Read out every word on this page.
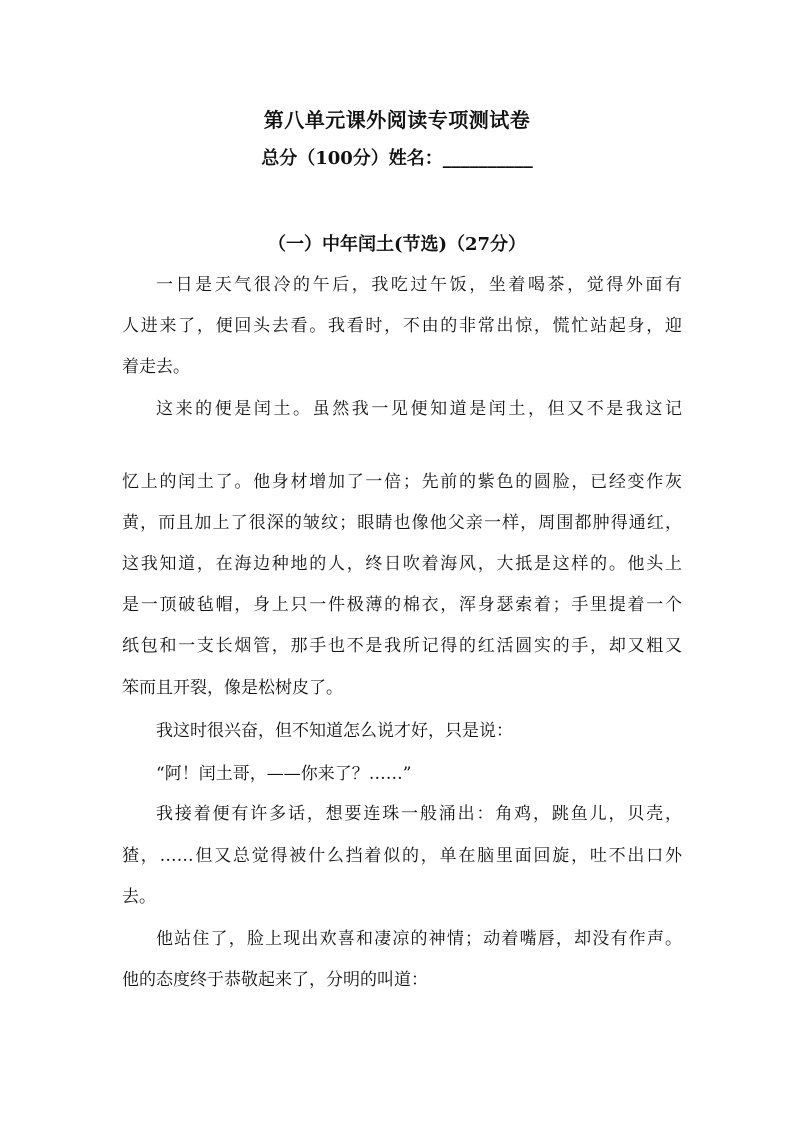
第八单元课外阅读专项测试卷
总分（100分）姓名：__________
（一）中年闰土(节选)（27分）
一日是天气很冷的午后，我吃过午饭，坐着喝茶，觉得外面有
人进来了，便回头去看。我看时，不由的非常出惊，慌忙站起身，迎
着走去。
这来的便是闰土。虽然我一见便知道是闰土，但又不是我这记
忆上的闰土了。他身材增加了一倍；先前的紫色的圆脸，已经变作灰
黄，而且加上了很深的皱纹；眼睛也像他父亲一样，周围都肿得通红，
这我知道，在海边种地的人，终日吹着海风，大抵是这样的。他头上
是一顶破毡帽，身上只一件极薄的棉衣，浑身瑟索着；手里提着一个
纸包和一支长烟管，那手也不是我所记得的红活圆实的手，却又粗又
笨而且开裂，像是松树皮了。
我这时很兴奋，但不知道怎么说才好，只是说：
“阿！闰土哥，——你来了？……”
我接着便有许多话，想要连珠一般涌出：角鸡，跳鱼儿，贝壳，
猹，……但又总觉得被什么挡着似的，单在脑里面回旋，吐不出口外
去。
他站住了，脸上现出欢喜和凄凉的神情；动着嘴唇，却没有作声。
他的态度终于恭敬起来了，分明的叫道：
